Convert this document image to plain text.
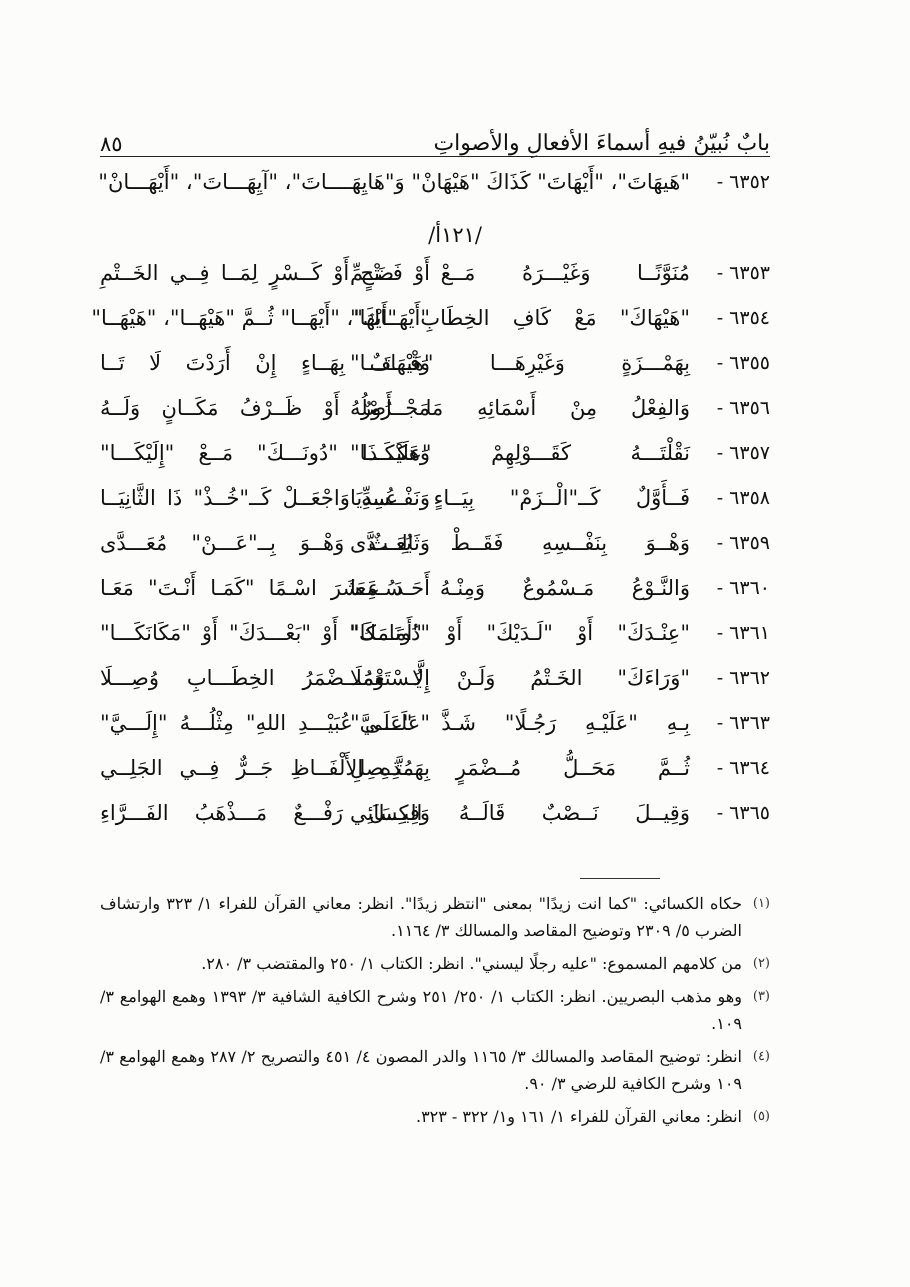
بابٌ نُبيّنُ فيهِ أسماءَ الأفعالِ والأصواتِ
٨٥
٦٣٥٢ -
"هَيهَاتَ"، "أَيْهَاتَ" كَذَاكَ "هَيْهَانْ" وَ"هَايِهَــــاتَ"، "آيِهَـــاتَ"، "أَيْهَـــانْ"
/١٢١أ/
٦٣٥٣ -
مُنَوَّنًــا وَغَيْـــرَهُ مَــعْ ضَــمِّ
أَوْ فَــتْحٍ أَوْ كَــسْرٍ لِمَــا فِــي الخَــتْمِ
٦٣٥٤ -
"هَيْهَاكَ" مَعْ كَافِ الخِطَابِ "أَيْهَا"
"أَيْهَــاكَ"، "أَيْهَــا" ثُــمَّ "هَيْهَــا"، "هَيْهَــا"
٦٣٥٥ -
بِهَمْـــزَةٍ وَغَيْرِهَـــا "هَيْهَاتَـــا"
وَقْـــفٌ بِهَــاءٍ إِنْ أَرَدْتَ لَا تَــا
٦٣٥٦ -
وَالفِعْلُ مِنْ أَسْمَائِهِ مَا أَصْلُهُ
مَجْــرُورٌ أَوْ ظَــرْفُ مَكَــانٍ وَلَــهُ
٦٣٥٧ -
نَقْلْتَـــهُ كَقَـــوْلِهِمْ "عَلَيْكَـــا"
وَهكَـــذَا "دُونَـــكَ" مَــعْ "إِلَيْكَـــا"
٦٣٥٨ -
فَــأَوَّلٌ كَــ"الْــزَمْ" بِيَــاءٍ عُــدِّيَا
وَنَفْــسِهِ وَاجْعَــلْ كَــ"خُــذْ" ذَا الثَّانِيَــا
٦٣٥٩ -
وَهْــوَ بِنَفْــسِهِ فَقَــطْ يُعَـــدَّى
وَثَالِــثٌ وَهْــوَ بِــ"عَـــنْ" مُعَـــدَّى
٦٣٦٠ -
وَالنَّـوْعُ مَـسْمُوعٌ وَمِنْـهُ سُـمِعَا
أَحَـدَ عَـشَرَ اسْـمًا "كَمَـا أَنْـتَ" مَعَـا
٦٣٦١ -
"عِنْـدَكَ" أَوْ "لَـدَيْكَ" أَوْ "أَمَامَكَا"
"دُونَـــكَ" أَوْ "بَعْـــدَكَ" أَوْ "مَكَانَكَـــا"
٦٣٦٢ -
"وَرَاءَكَ" الخَـتْمُ وَلَـنْ يُـسْتَعْمَلَا
إِلَّا وَمُـــضْمَرُ الخِطَـــابِ وُصِـــلَا
٦٣٦٣ -
بِـهِ "عَلَيْـهِ رَجُـلًا" شَـذَّ "عَلَـيَّ"
"عَلَـــى عُبَيْـــدِ اللهِ" مِثْلُـــهُ "إِلَـــيَّ"
٦٣٦٤ -
ثُــمَّ مَحَــلُّ مُــضْمَرٍ مُتَّــصِلِ
بِهَــذِهِ الأَلْفَــاظِ جَــرٌّ فِــي الجَلِــي
٦٣٦٥ -
وَقِيــلَ نَــصْبٌ قَالَــهُ الكِسَائِي
وَقِيـــلَ رَفْـــعٌ مَـــذْهَبُ الفَـــرَّاءِ
(١)
حكاه الكسائي: "كما انت زيدًا" بمعنى "انتظر زيدًا". انظر: معاني القرآن للفراء ١/ ٣٢٣ وارتشاف الضرب ٥/ ٢٣٠٩ وتوضيح المقاصد والمسالك ٣/ ١١٦٤.
(٢)
من كلامهم المسموع: "عليه رجلًا ليسني". انظر: الكتاب ١/ ٢٥٠ والمقتضب ٣/ ٢٨٠.
(٣)
وهو مذهب البصريين. انظر: الكتاب ١/ ٢٥٠/ ٢٥١ وشرح الكافية الشافية ٣/ ١٣٩٣ وهمع الهوامع ٣/ ١٠٩.
(٤)
انظر: توضيح المقاصد والمسالك ٣/ ١١٦٥ والدر المصون ٤/ ٤٥١ والتصريح ٢/ ٢٨٧ وهمع الهوامع ٣/ ١٠٩ وشرح الكافية للرضي ٣/ ٩٠.
(٥)
انظر: معاني القرآن للفراء ١/ ١٦١ و١/ ٣٢٢ - ٣٢٣.
